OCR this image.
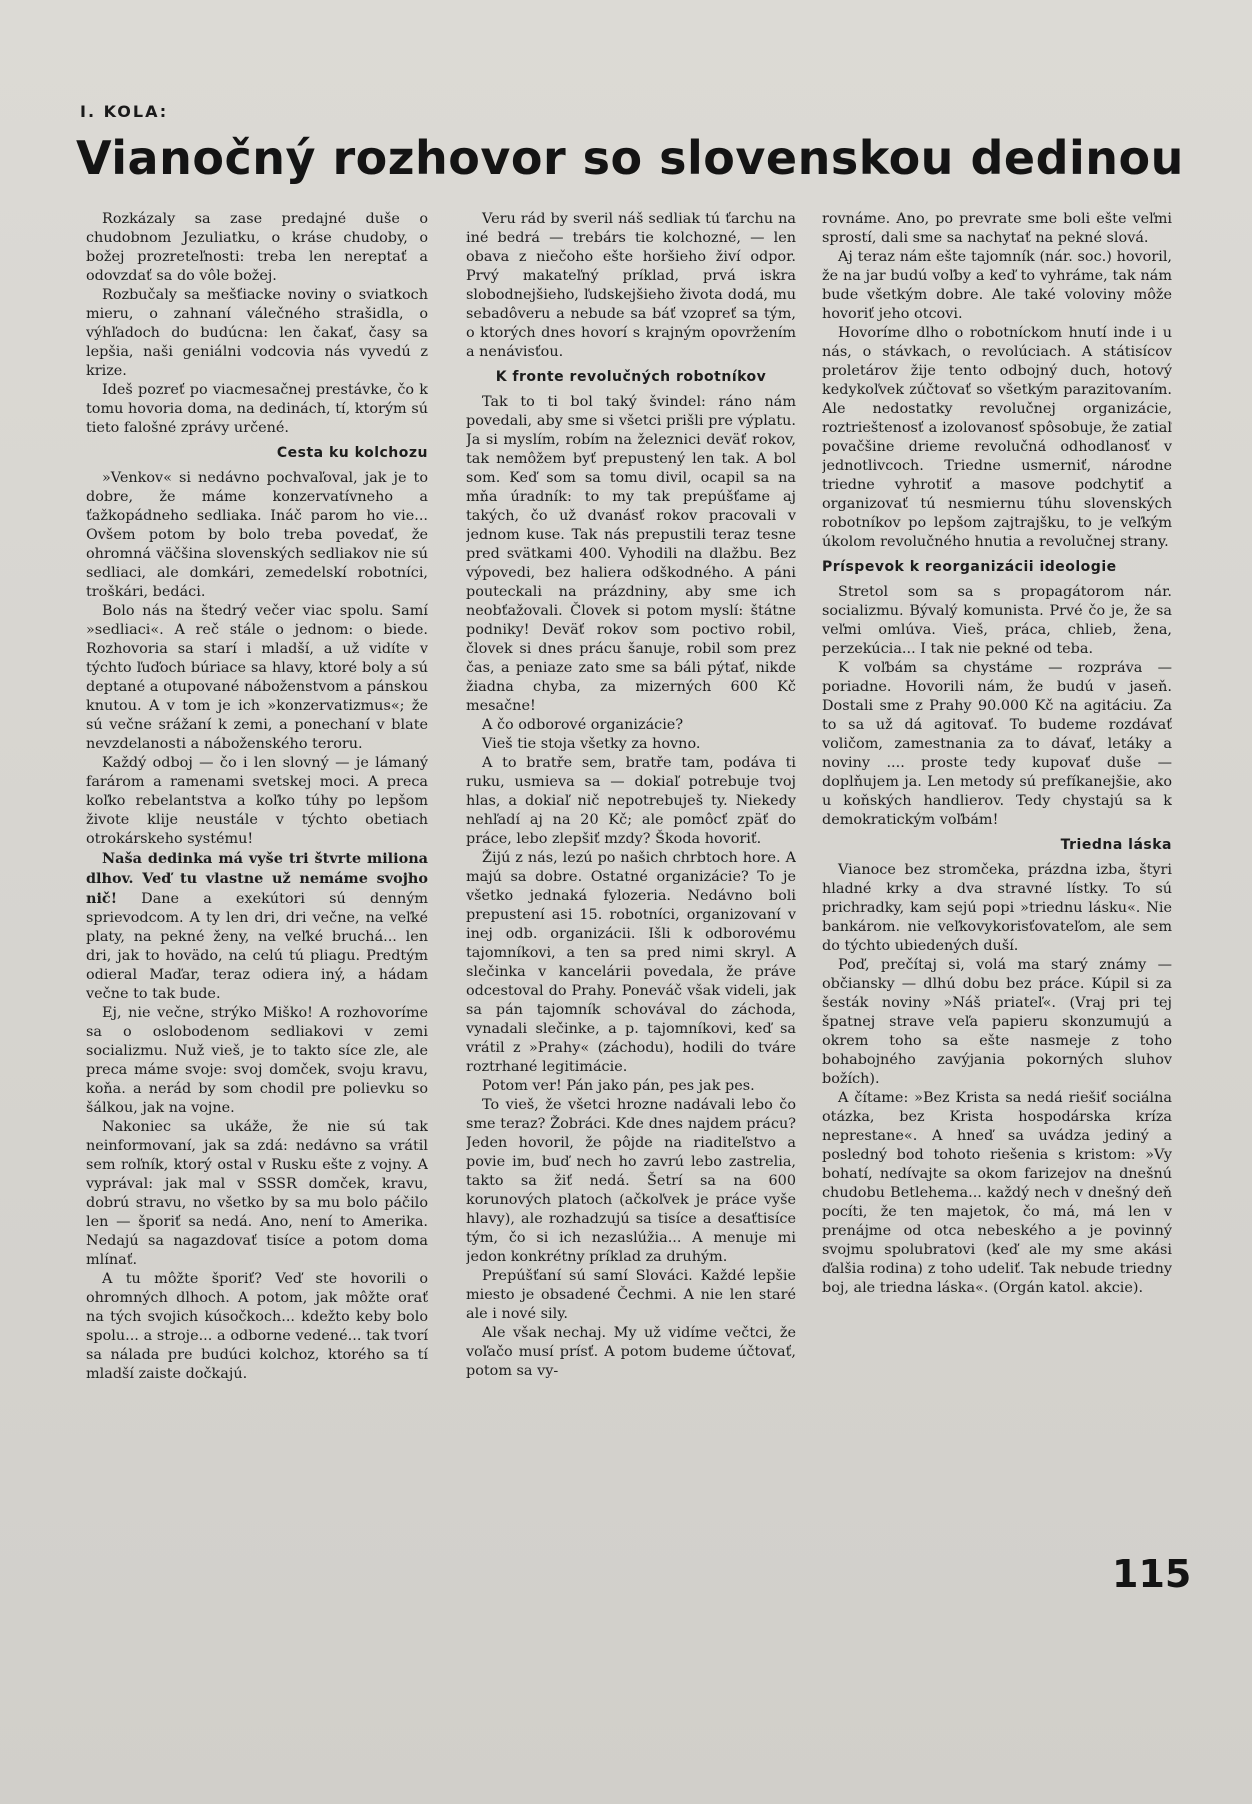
I. KOLA:
Vianočný rozhovor so slovenskou dedinou

Rozkázaly sa zase predajné duše o chudobnom Jezuliatku, o kráse chudoby, o božej prozreteľnosti: treba len nereptať a odovzdať sa do vôle božej.

Rozbučaly sa mešťiacke noviny o sviatkoch mieru, o zahnaní válečného strašidla, o výhľadoch do budúcna: len čakať, časy sa lepšia, naši geniálni vodcovia nás vyvedú z krize.

Ideš pozreť po viacmesačnej prestávke, čo k tomu hovoria doma, na dedinách, tí, ktorým sú tieto falošné zprávy určené.

Cesta ku kolchozu

»Venkov« si nedávno pochvaľoval, jak je to dobre, že máme konzervatívneho a ťažkopádneho sedliaka. Ináč parom ho vie... Ovšem potom by bolo treba povedať, že ohromná väčšina slovenských sedliakov nie sú sedliaci, ale domkári, zemedelskí robotníci, troškári, bedáci.

Bolo nás na štedrý večer viac spolu. Samí »sedliaci«. A reč stále o jednom: o biede. Rozhovoria sa starí i mladší, a už vidíte v týchto ľuďoch búriace sa hlavy, ktoré boly a sú deptané a otupované náboženstvom a pánskou knutou. A v tom je ich »konzervatizmus«; že sú večne srážaní k zemi, a ponechaní v blate nevzdelanosti a náboženského teroru.

Každý odboj — čo i len slovný — je lámaný farárom a ramenami svetskej moci. A preca koľko rebelantstva a koľko túhy po lepšom živote klije neustále v týchto obetiach otrokárskeho systému!

Naša dedinka má vyše tri štvrte miliona dlhov. Veď tu vlastne už nemáme svojho nič! Dane a exekútori sú denným sprievodcom. A ty len dri, dri večne, na veľké platy, na pekné ženy, na veľké bruchá... len dri, jak to hovädo, na celú tú pliagu. Predtým odieral Maďar, teraz odiera iný, a hádam večne to tak bude.

Ej, nie večne, strýko Miško! A rozhovoríme sa o oslobodenom sedliakovi v zemi socializmu. Nuž vieš, je to takto síce zle, ale preca máme svoje: svoj domček, svoju kravu, koňa. a nerád by som chodil pre polievku so šálkou, jak na vojne.

Nakoniec sa ukáže, že nie sú tak neinformovaní, jak sa zdá: nedávno sa vrátil sem roľník, ktorý ostal v Rusku ešte z vojny. A vyprával: jak mal v SSSR domček, kravu, dobrú stravu, no všetko by sa mu bolo páčilo len — šporiť sa nedá. Ano, není to Amerika. Nedajú sa nagazdovať tisíce a potom doma mlínať.

A tu môžte šporiť? Veď ste hovorili o ohromných dlhoch. A potom, jak môžte orať na tých svojich kúsočkoch... kdežto keby bolo spolu... a stroje... a odborne vedené... tak tvorí sa nálada pre budúci kolchoz, ktorého sa tí mladší zaiste dočkajú.

Veru rád by sveril náš sedliak tú ťarchu na iné bedrá — trebárs tie kolchozné, — len obava z niečoho ešte horšieho živí odpor. Prvý makateľný príklad, prvá iskra slobodnejšieho, ľudskejšieho života dodá, mu sebadôveru a nebude sa báť vzopreť sa tým, o ktorých dnes hovorí s krajným opovržením a nenávisťou.

K fronte revolučných robotníkov

Tak to ti bol taký švindel: ráno nám povedali, aby sme si všetci prišli pre výplatu. Ja si myslím, robím na železnici deväť rokov, tak nemôžem byť prepustený len tak. A bol som. Keď som sa tomu divil, ocapil sa na mňa úradník: to my tak prepúšťame aj takých, čo už dvanásť rokov pracovali v jednom kuse. Tak nás prepustili teraz tesne pred svätkami 400. Vyhodili na dlažbu. Bez výpovedi, bez haliera odškodného. A páni pouteckali na prázdniny, aby sme ich neobťažovali. Človek si potom myslí: štátne podniky! Deväť rokov som poctivo robil, človek si dnes prácu šanuje, robil som prez čas, a peniaze zato sme sa báli pýtať, nikde žiadna chyba, za mizerných 600 Kč mesačne!

A čo odborové organizácie?

Vieš tie stoja všetky za hovno.

A to bratře sem, bratře tam, podáva ti ruku, usmieva sa — dokiaľ potrebuje tvoj hlas, a dokiaľ nič nepotrebuješ ty. Niekedy nehľadí aj na 20 Kč; ale pomôcť zpäť do práce, lebo zlepšiť mzdy? Škoda hovoriť.

Žijú z nás, lezú po našich chrbtoch hore. A majú sa dobre. Ostatné organizácie? To je všetko jednaká fylozeria. Nedávno boli prepustení asi 15. robotníci, organizovaní v inej odb. organizácii. Išli k odborovému tajomníkovi, a ten sa pred nimi skryl. A slečinka v kancelárii povedala, že práve odcestoval do Prahy. Poneváč však videli, jak sa pán tajomník schovával do záchoda, vynadali slečinke, a p. tajomníkovi, keď sa vrátil z »Prahy« (záchodu), hodili do tváre roztrhané legitimácie.

Potom ver! Pán jako pán, pes jak pes.

To vieš, že všetci hrozne nadávali lebo čo sme teraz? Žobráci. Kde dnes najdem prácu? Jeden hovoril, že pôjde na riaditeľstvo a povie im, buď nech ho zavrú lebo zastrelia, takto sa žiť nedá. Šetrí sa na 600 korunových platoch (ačkoľvek je práce vyše hlavy), ale rozhadzujú sa tisíce a desaťtisíce tým, čo si ich nezaslúžia... A menuje mi jedon konkrétny príklad za druhým.

Prepúšťaní sú samí Slováci. Každé lepšie miesto je obsadené Čechmi. A nie len staré ale i nové sily.

Ale však nechaj. My už vidíme večtci, že voľačo musí prísť. A potom budeme účtovať, potom sa vy-

rovnáme. Ano, po prevrate sme boli ešte veľmi sprostí, dali sme sa nachytať na pekné slová.

Aj teraz nám ešte tajomník (nár. soc.) hovoril, že na jar budú voľby a keď to vyhráme, tak nám bude všetkým dobre. Ale také voloviny môže hovoriť jeho otcovi.

Hovoríme dlho o robotníckom hnutí inde i u nás, o stávkach, o revolúciach. A státisícov proletárov žije tento odbojný duch, hotový kedykoľvek zúčtovať so všetkým parazitovaním. Ale nedostatky revolučnej organizácie, roztrieštenosť a izolovanosť spôsobuje, že zatiaľ povačšine driemе revolučná odhodlanosť v jednotlivcoch. Triedne usmerniť, národne triedne vyhrotiť a masove podchytiť a organizovať tú nesmiernu túhu slovenských robotníkov po lepšom zajtrajšku, to je veľkým úkolom revolučného hnutia a revolučnej strany.

Príspevok k reorganizácii ideologie

Stretol som sa s propagátorom nár. socializmu. Bývalý komunista. Prvé čo je, že sa veľmi omlúva. Vieš, práca, chlieb, žena, perzekúcia... I tak nie pekné od teba.

K voľbám sa chystáme — rozpráva — poriadne. Hovorili nám, že budú v jaseň. Dostali sme z Prahy 90.000 Kč na agitáciu. Za to sa už dá agitovať. To budeme rozdávať voličom, zamestnania za to dávať, letáky a noviny .... proste tedy kupovať duše — doplňujem ja. Len metody sú prefíkanejšie, ako u koňských handlierov. Tedy chystajú sa k demokratickým voľbám!

Triedna láska

Vianoce bez stromčeka, prázdna izba, štyri hladné krky a dva stravné lístky. To sú prichrаdky, kam sejú popi »triednu lásku«. Nie bankárom. nie veľkovykorisťovateľom, ale sem do týchto ubiedených duší.

Poď, prečítaj si, volá ma starý známy — občiansky — dlhú dobu bez práce. Kúpil si za šesták noviny »Náš priateľ«. (Vraj pri tej špatnej strave veľa papieru skonzumujú a okrem toho sa ešte nasmeje z toho bohabojného zavýjania pokorných sluhov božích).

A čítame: »Bez Krista sa nedá riešiť sociálna otázka, bez Krista hospodárska kríza neprestane«. A hneď sa uvádza jediný a posledný bod tohoto riešenia s kristom: »Vy bohatí, nedívajte sa okom farizejov na dnešnú chudobu Betlehema... každý nech v dnešný deň pocíti, že ten majetok, čo má, má len v prenájme od otca nebeského a je povinný svojmu spolubratovi (keď ale my sme akási ďalšia rodina) z toho udeliť. Tak nebude triedny boj, ale triedna láska«. (Orgán katol. akcie).

115
